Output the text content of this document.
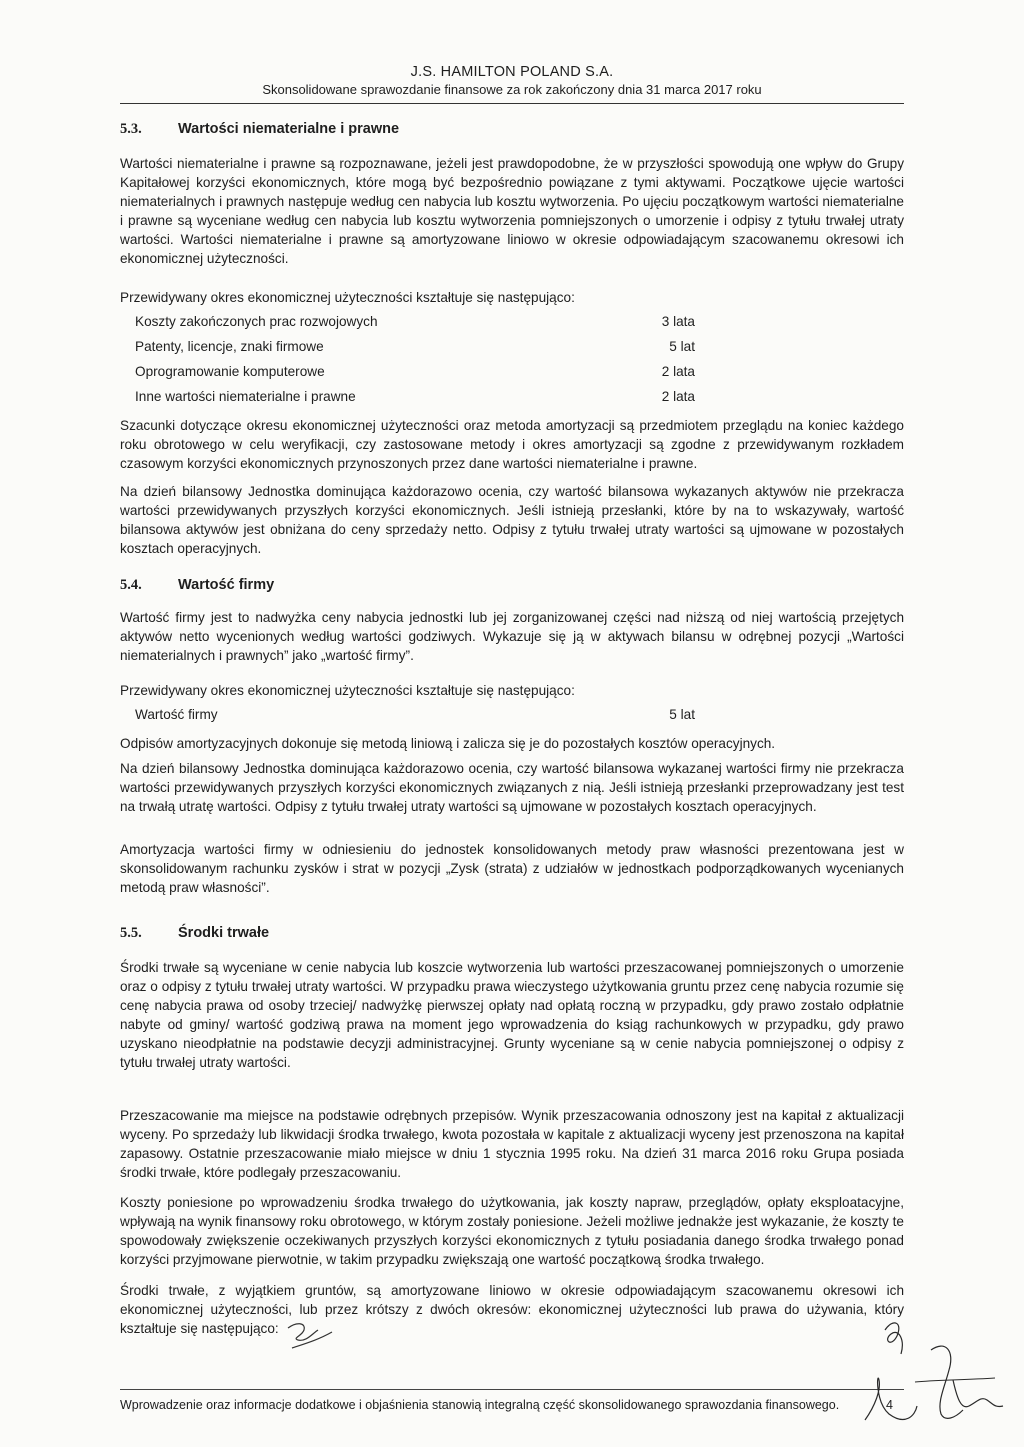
J.S. HAMILTON POLAND S.A.
Skonsolidowane sprawozdanie finansowe za rok zakończony dnia 31 marca 2017 roku
5.3.	Wartości niematerialne i prawne
Wartości niematerialne i prawne są rozpoznawane, jeżeli jest prawdopodobne, że w przyszłości spowodują one wpływ do Grupy Kapitałowej korzyści ekonomicznych, które mogą być bezpośrednio powiązane z tymi aktywami. Początkowe ujęcie wartości niematerialnych i prawnych następuje według cen nabycia lub kosztu wytworzenia. Po ujęciu początkowym wartości niematerialne i prawne są wyceniane według cen nabycia lub kosztu wytworzenia pomniejszonych o umorzenie i odpisy z tytułu trwałej utraty wartości. Wartości niematerialne i prawne są amortyzowane liniowo w okresie odpowiadającym szacowanemu okresowi ich ekonomicznej użyteczności.
Przewidywany okres ekonomicznej użyteczności kształtuje się następująco:
Koszty zakończonych prac rozwojowych	3 lata
Patenty, licencje, znaki firmowe	5 lat
Oprogramowanie komputerowe	2 lata
Inne wartości niematerialne i prawne	2 lata
Szacunki dotyczące okresu ekonomicznej użyteczności oraz metoda amortyzacji są przedmiotem przeglądu na koniec każdego roku obrotowego w celu weryfikacji, czy zastosowane metody i okres amortyzacji są zgodne z przewidywanym rozkładem czasowym korzyści ekonomicznych przynoszonych przez dane wartości niematerialne i prawne.
Na dzień bilansowy Jednostka dominująca każdorazowo ocenia, czy wartość bilansowa wykazanych aktywów nie przekracza wartości przewidywanych przyszłych korzyści ekonomicznych. Jeśli istnieją przesłanki, które by na to wskazywały, wartość bilansowa aktywów jest obniżana do ceny sprzedaży netto. Odpisy z tytułu trwałej utraty wartości są ujmowane w pozostałych kosztach operacyjnych.
5.4.	Wartość firmy
Wartość firmy jest to nadwyżka ceny nabycia jednostki lub jej zorganizowanej części nad niższą od niej wartością przejętych aktywów netto wycenionych według wartości godziwych. Wykazuje się ją w aktywach bilansu w odrębnej pozycji „Wartości niematerialnych i prawnych” jako „wartość firmy”.
Przewidywany okres ekonomicznej użyteczności kształtuje się następująco:
Wartość firmy	5 lat
Odpisów amortyzacyjnych dokonuje się metodą liniową i zalicza się je do pozostałych kosztów operacyjnych.
Na dzień bilansowy Jednostka dominująca każdorazowo ocenia, czy wartość bilansowa wykazanej wartości firmy nie przekracza wartości przewidywanych przyszłych korzyści ekonomicznych związanych z nią. Jeśli istnieją przesłanki przeprowadzany jest test na trwałą utratę wartości. Odpisy z tytułu trwałej utraty wartości są ujmowane w pozostałych kosztach operacyjnych.
Amortyzacja wartości firmy w odniesieniu do jednostek konsolidowanych metody praw własności prezentowana jest w skonsolidowanym rachunku zysków i strat w pozycji „Zysk (strata) z udziałów w jednostkach podporządkowanych wycenianych metodą praw własności”.
5.5.	Środki trwałe
Środki trwałe są wyceniane w cenie nabycia lub koszcie wytworzenia lub wartości przeszacowanej pomniejszonych o umorzenie oraz o odpisy z tytułu trwałej utraty wartości. W przypadku prawa wieczystego użytkowania gruntu przez cenę nabycia rozumie się cenę nabycia prawa od osoby trzeciej/ nadwyżkę pierwszej opłaty nad opłatą roczną w przypadku, gdy prawo zostało odpłatnie nabyte od gminy/ wartość godziwą prawa na moment jego wprowadzenia do ksiąg rachunkowych w przypadku, gdy prawo uzyskano nieodpłatnie na podstawie decyzji administracyjnej. Grunty wyceniane są w cenie nabycia pomniejszonej o odpisy z tytułu trwałej utraty wartości.
Przeszacowanie ma miejsce na podstawie odrębnych przepisów. Wynik przeszacowania odnoszony jest na kapitał z aktualizacji wyceny. Po sprzedaży lub likwidacji środka trwałego, kwota pozostała w kapitale z aktualizacji wyceny jest przenoszona na kapitał zapasowy. Ostatnie przeszacowanie miało miejsce w dniu 1 stycznia 1995 roku. Na dzień 31 marca 2016 roku Grupa posiada środki trwałe, które podlegały przeszacowaniu.
Koszty poniesione po wprowadzeniu środka trwałego do użytkowania, jak koszty napraw, przeglądów, opłaty eksploatacyjne, wpływają na wynik finansowy roku obrotowego, w którym zostały poniesione. Jeżeli możliwe jednakże jest wykazanie, że koszty te spowodowały zwiększenie oczekiwanych przyszłych korzyści ekonomicznych z tytułu posiadania danego środka trwałego ponad korzyści przyjmowane pierwotnie, w takim przypadku zwiększają one wartość początkową środka trwałego.
Środki trwałe, z wyjątkiem gruntów, są amortyzowane liniowo w okresie odpowiadającym szacowanemu okresowi ich ekonomicznej użyteczności, lub przez krótszy z dwóch okresów: ekonomicznej użyteczności lub prawa do używania, który kształtuje się następująco:
Wprowadzenie oraz informacje dodatkowe i objaśnienia stanowią integralną część skonsolidowanego sprawozdania finansowego.	4
